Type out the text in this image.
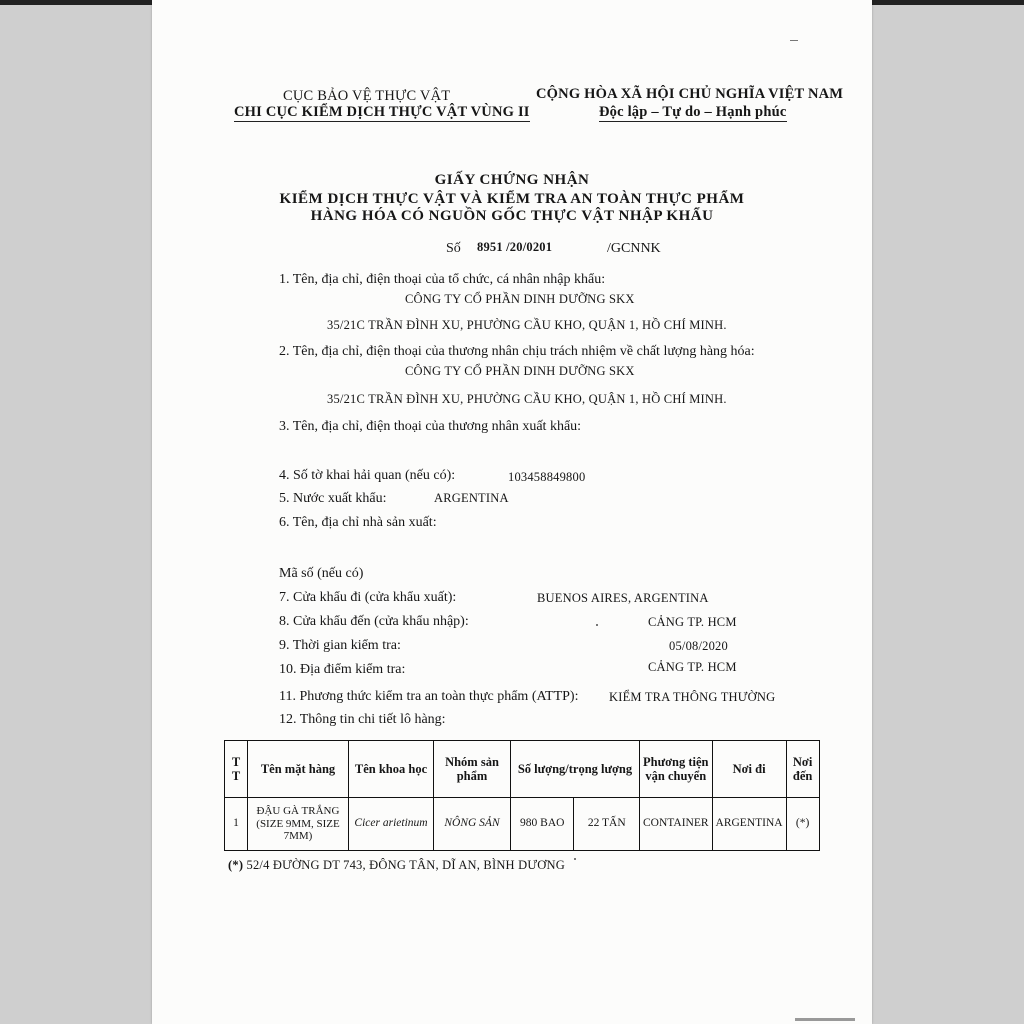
CỤC BẢO VỆ THỰC VẬT
CHI CỤC KIỂM DỊCH THỰC VẬT VÙNG II
CỘNG HÒA XÃ HỘI CHỦ NGHĨA VIỆT NAM
Độc lập – Tự do – Hạnh phúc
GIẤY CHỨNG NHẬN
KIỂM DỊCH THỰC VẬT VÀ KIỂM TRA AN TOÀN THỰC PHẨM
HÀNG HÓA CÓ NGUỒN GỐC THỰC VẬT NHẬP KHẨU
Số 8951 /20/0201	/GCNNK
1. Tên, địa chỉ, điện thoại của tổ chức, cá nhân nhập khẩu:
CÔNG TY CỔ PHẦN DINH DƯỠNG SKX
35/21C TRẦN ĐÌNH XU, PHƯỜNG CẦU KHO, QUẬN 1, HỒ CHÍ MINH.
2. Tên, địa chỉ, điện thoại của thương nhân chịu trách nhiệm về chất lượng hàng hóa:
CÔNG TY CỔ PHẦN DINH DƯỠNG SKX
35/21C TRẦN ĐÌNH XU, PHƯỜNG CẦU KHO, QUẬN 1, HỒ CHÍ MINH.
3. Tên, địa chỉ, điện thoại của thương nhân xuất khẩu:
4. Số tờ khai hải quan (nếu có):	103458849800
5. Nước xuất khẩu:	ARGENTINA
6. Tên, địa chỉ nhà sản xuất:
Mã số (nếu có)
7. Cửa khẩu đi (cửa khẩu xuất):	BUENOS AIRES, ARGENTINA
8. Cửa khẩu đến (cửa khẩu nhập):	CẢNG TP. HCM
9. Thời gian kiểm tra:	05/08/2020
10. Địa điểm kiểm tra:	CẢNG TP. HCM
11. Phương thức kiểm tra an toàn thực phẩm (ATTP): KIỂM TRA THÔNG THƯỜNG
12. Thông tin chi tiết lô hàng:
T T	Tên mặt hàng	Tên khoa học	Nhóm sản phẩm	Số lượng/trọng lượng		Phương tiện vận chuyển	Nơi đi	Nơi đến
1	ĐẬU GÀ TRẮNG (SIZE 9MM, SIZE 7MM)	Cicer arietinum	NÔNG SẢN	980 BAO	22 TẤN	CONTAINER	ARGENTINA	(*)
(*) 52/4 ĐƯỜNG DT 743, ĐÔNG TÂN, DĨ AN, BÌNH DƯƠNG
